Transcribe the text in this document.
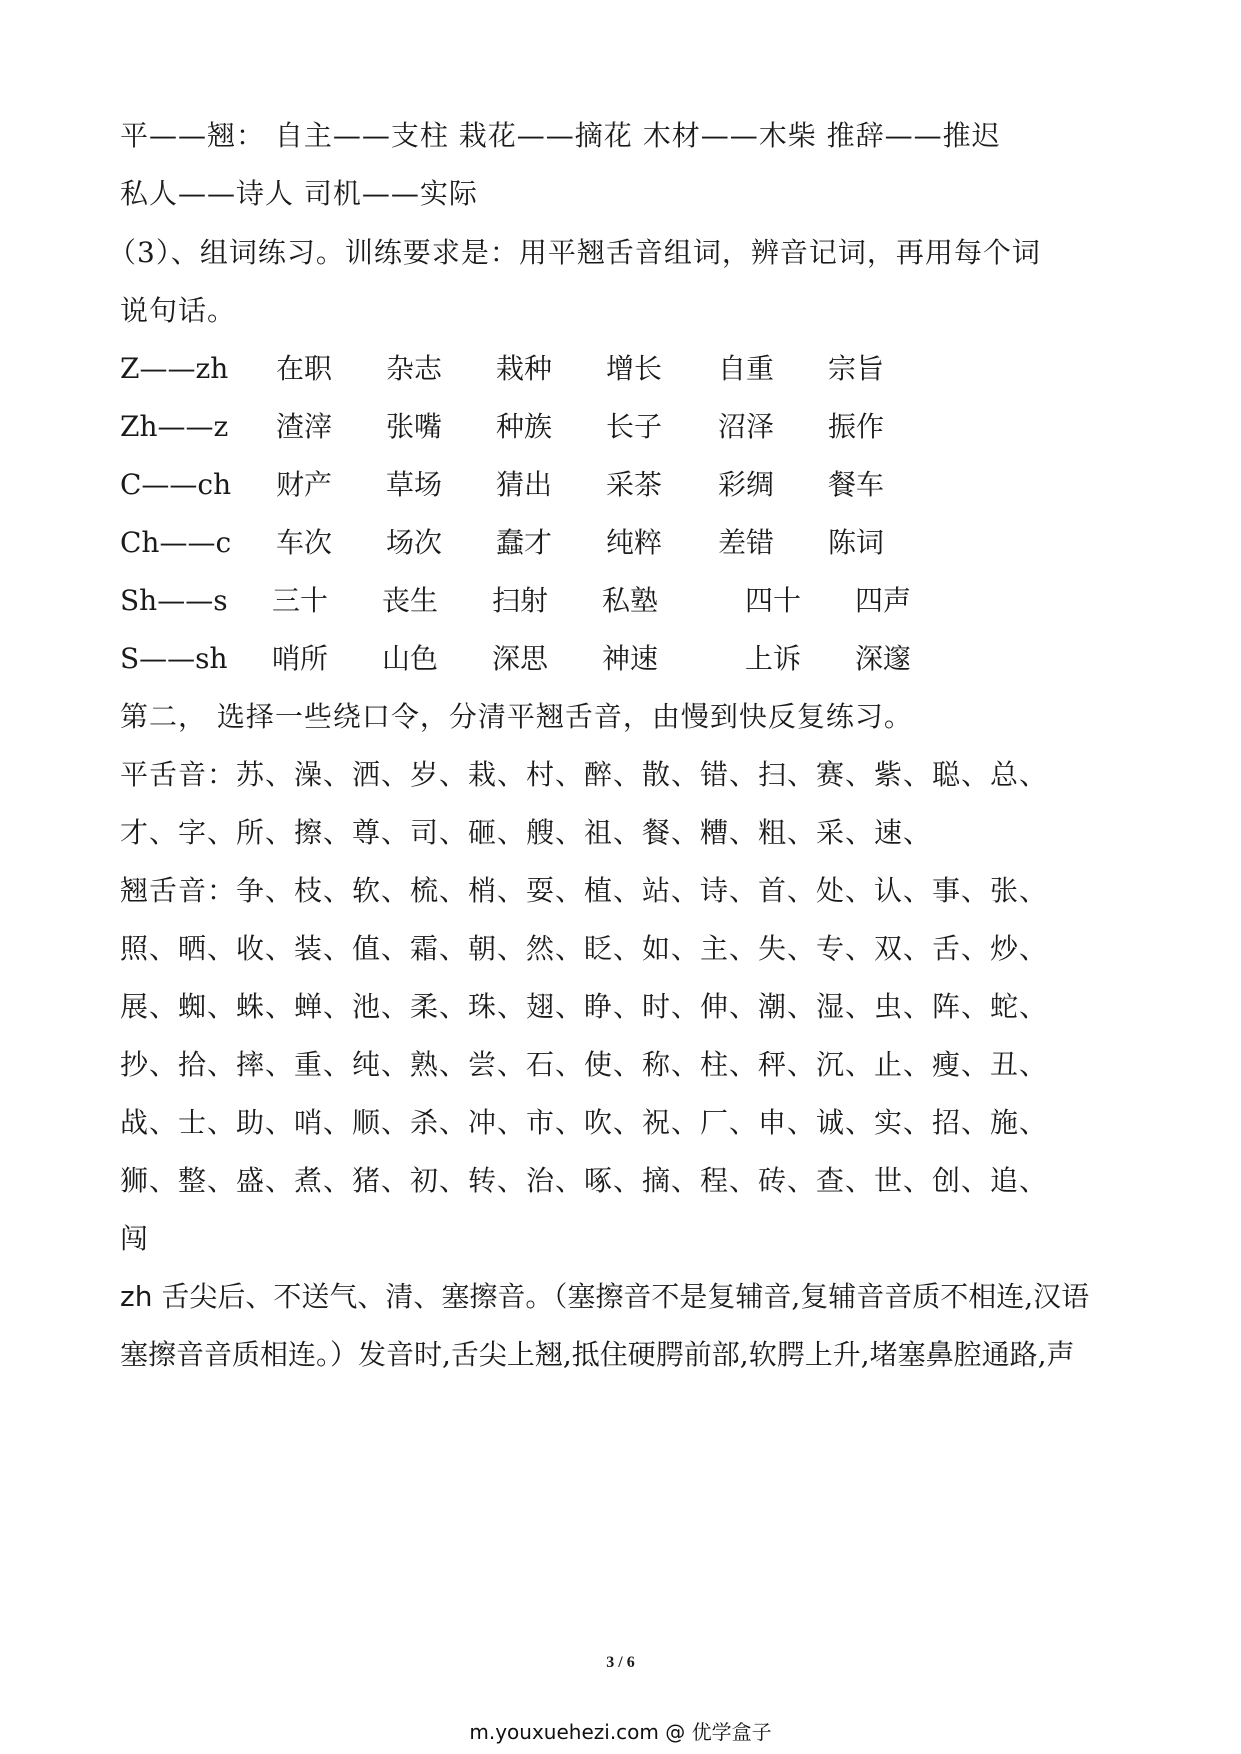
平——翘： 自主——支柱 栽花——摘花 木材——木柴 推辞——推迟
私人——诗人 司机——实际
（3）、组词练习。训练要求是：用平翘舌音组词，辨音记词，再用每个词
说句话。
Z——zh 在职 杂志 栽种 增长 自重 宗旨
Zh——z 渣滓 张嘴 种族 长子 沼泽 振作
C——ch 财产 草场 猜出 采茶 彩绸 餐车
Ch——c 车次 场次 蠢才 纯粹 差错 陈词
Sh——s 三十 丧生 扫射 私塾	四十 四声
S——sh 哨所 山色 深思 神速	上诉 深邃
第二， 选择一些绕口令，分清平翘舌音，由慢到快反复练习。
平舌音：苏、澡、洒、岁、栽、村、醉、散、错、扫、赛、紫、聪、总、
才、字、所、擦、尊、司、砸、艘、祖、餐、糟、粗、采、速、
翘舌音：争、枝、软、梳、梢、耍、植、站、诗、首、处、认、事、张、
照、晒、收、装、值、霜、朝、然、眨、如、主、失、专、双、舌、炒、
展、蜘、蛛、蝉、池、柔、珠、翅、睁、时、伸、潮、湿、虫、阵、蛇、
抄、拾、摔、重、纯、熟、尝、石、使、称、柱、秤、沉、止、瘦、丑、
战、士、助、哨、顺、杀、冲、市、吹、祝、厂、申、诚、实、招、施、
狮、整、盛、煮、猪、初、转、治、啄、摘、程、砖、查、世、创、追、
闯
zh 舌尖后、不送气、清、塞擦音。（塞擦音不是复辅音,复辅音音质不相连,汉语
塞擦音音质相连。）发音时,舌尖上翘,抵住硬腭前部,软腭上升,堵塞鼻腔通路,声
3 / 6
m.youxuehezi.com @ 优学盒子
